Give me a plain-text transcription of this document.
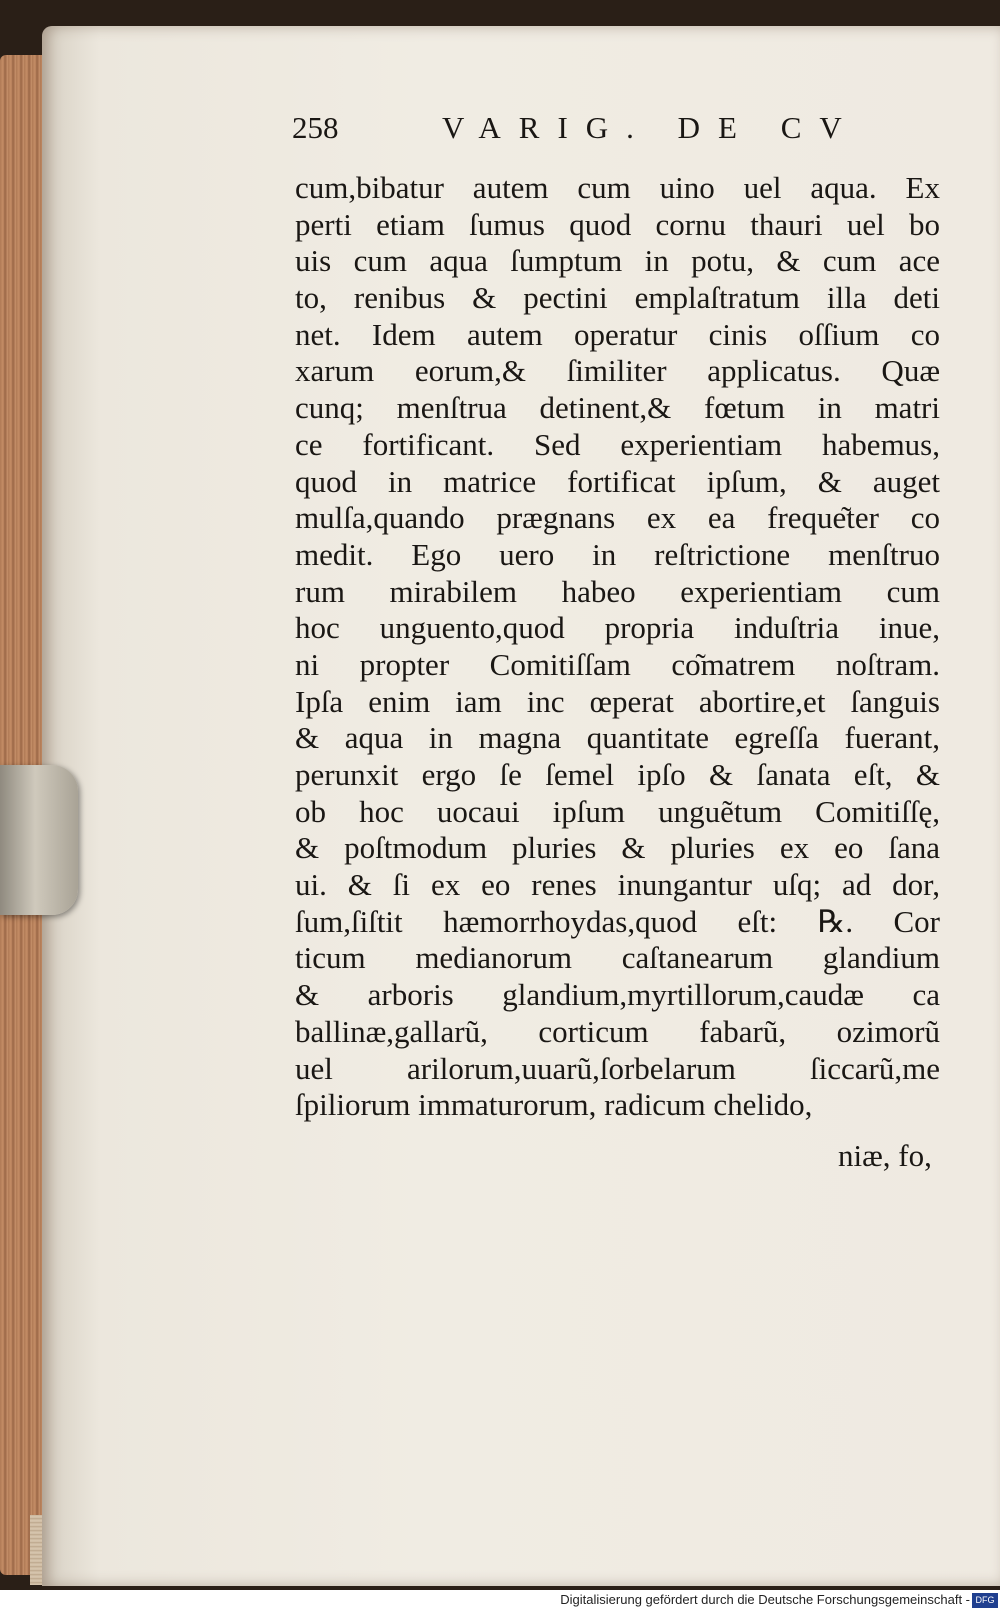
258	VARIG. DE CV
cum,bibatur autem cum uino uel aqua. Ex
perti etiam ſumus quod cornu thauri uel bo
uis cum aqua ſumptum in potu, & cum ace
to, renibus & pectini emplaſtratum illa deti
net. Idem autem operatur cinis oſſium co
xarum eorum,& ſimiliter applicatus. Quæ
cunq; menſtrua detinent,& fœtum in matri
ce fortificant. Sed experientiam habemus,
quod in matrice fortificat ipſum, & auget
mulſa,quando prægnans ex ea freque͂ter co
medit. Ego uero in reſtrictione menſtruo
rum mirabilem habeo experientiam cum
hoc unguento,quod propria induſtria inue,
ni propter Comitiſſam co͂matrem noſtram.
Ipſa enim iam inc œperat abortire,et ſanguis
& aqua in magna quantitate egreſſa fuerant,
perunxit ergo ſe ſemel ipſo & ſanata eſt, &
ob hoc uocaui ipſum unguẽtum Comitiſſę,
& poſtmodum pluries & pluries ex eo ſana
ui. & ſi ex eo renes inungantur uſq; ad dor,
ſum,ſiſtit hæmorrhoydas,quod eſt: ℞. Cor
ticum medianorum caſtanearum glandium
& arboris glandium,myrtillorum,caudæ ca
ballinæ,gallarũ, corticum fabarũ, ozimorũ
uel arilorum,uuarũ,ſorbelarum ſiccarũ,me
ſpiliorum immaturorum, radicum chelido,
niæ, fo,
Digitalisierung gefördert durch die Deutsche Forschungsgemeinschaft - DFG
